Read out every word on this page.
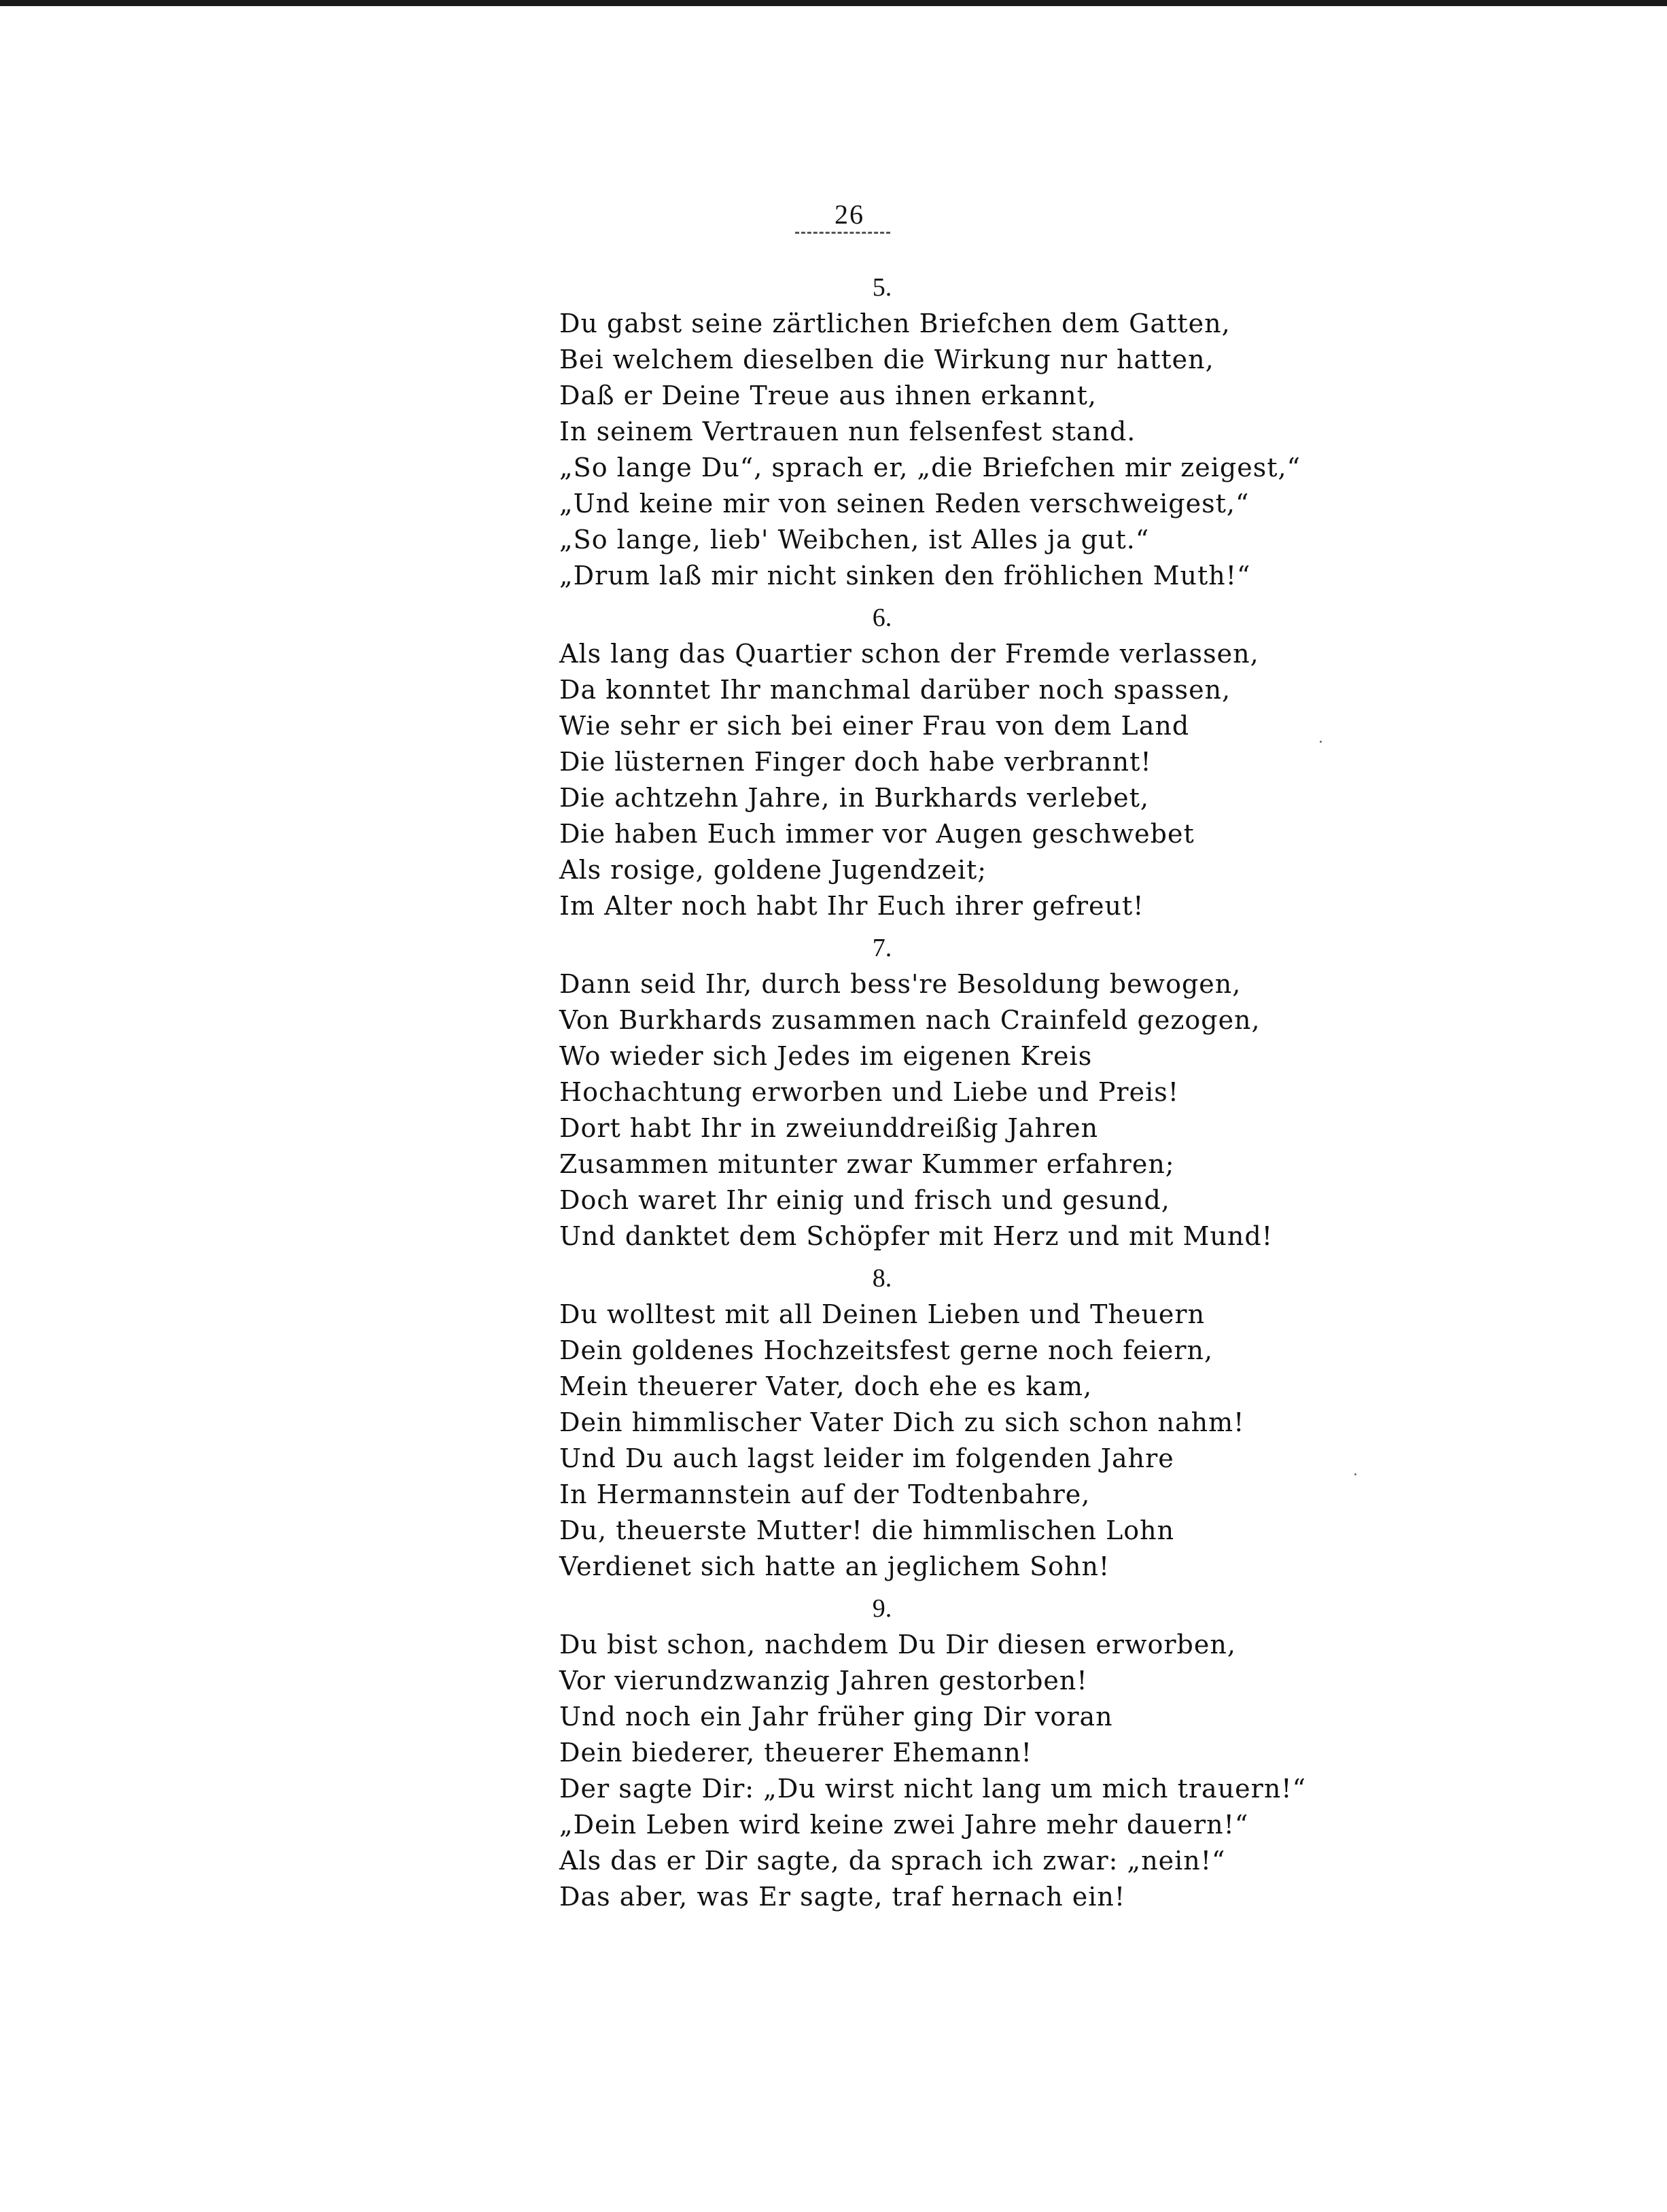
26
5.
Du gabst seine zärtlichen Briefchen dem Gatten,
Bei welchem dieselben die Wirkung nur hatten,
Daß er Deine Treue aus ihnen erkannt,
In seinem Vertrauen nun felsenfest stand.
„So lange Du“, sprach er, „die Briefchen mir zeigest,“
„Und keine mir von seinen Reden verschweigest,“
„So lange, lieb' Weibchen, ist Alles ja gut.“
„Drum laß mir nicht sinken den fröhlichen Muth!“
6.
Als lang das Quartier schon der Fremde verlassen,
Da konntet Ihr manchmal darüber noch spassen,
Wie sehr er sich bei einer Frau von dem Land
Die lüsternen Finger doch habe verbrannt!
Die achtzehn Jahre, in Burkhards verlebet,
Die haben Euch immer vor Augen geschwebet
Als rosige, goldene Jugendzeit;
Im Alter noch habt Ihr Euch ihrer gefreut!
7.
Dann seid Ihr, durch bess're Besoldung bewogen,
Von Burkhards zusammen nach Crainfeld gezogen,
Wo wieder sich Jedes im eigenen Kreis
Hochachtung erworben und Liebe und Preis!
Dort habt Ihr in zweiunddreißig Jahren
Zusammen mitunter zwar Kummer erfahren;
Doch waret Ihr einig und frisch und gesund,
Und danktet dem Schöpfer mit Herz und mit Mund!
8.
Du wolltest mit all Deinen Lieben und Theuern
Dein goldenes Hochzeitsfest gerne noch feiern,
Mein theuerer Vater, doch ehe es kam,
Dein himmlischer Vater Dich zu sich schon nahm!
Und Du auch lagst leider im folgenden Jahre
In Hermannstein auf der Todtenbahre,
Du, theuerste Mutter! die himmlischen Lohn
Verdienet sich hatte an jeglichem Sohn!
9.
Du bist schon, nachdem Du Dir diesen erworben,
Vor vierundzwanzig Jahren gestorben!
Und noch ein Jahr früher ging Dir voran
Dein biederer, theuerer Ehemann!
Der sagte Dir: „Du wirst nicht lang um mich trauern!“
„Dein Leben wird keine zwei Jahre mehr dauern!“
Als das er Dir sagte, da sprach ich zwar: „nein!“
Das aber, was Er sagte, traf hernach ein!
